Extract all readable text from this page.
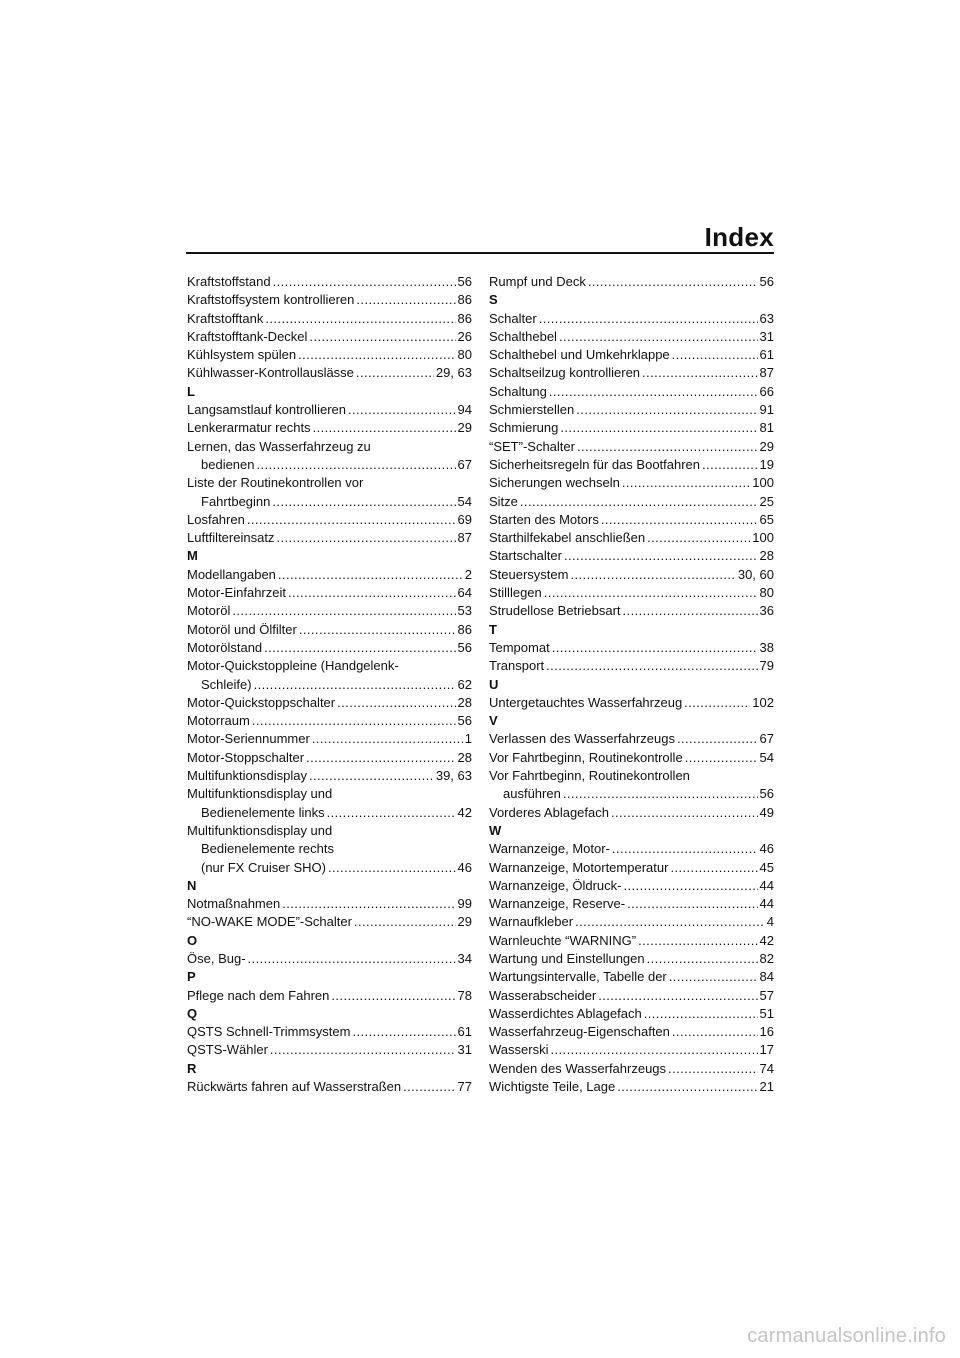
Index
Kraftstoffstand . . .	56
Kraftstoffsystem kontrollieren . . .	86
Kraftstofftank . . .	86
Kraftstofftank-Deckel . . .	26
Kühlsystem spülen . . .	80
Kühlwasser-Kontrollauslässe . . .	29, 63
L
Langsamstlauf kontrollieren . . .	94
Lenkerarmatur rechts . . .	29
Lernen, das Wasserfahrzeug zu
bedienen . . .	67
Liste der Routinekontrollen vor
Fahrtbeginn . . .	54
Losfahren . . .	69
Luftfiltereinsatz . . .	87
M
Modellangaben . . .	2
Motor-Einfahrzeit . . .	64
Motoröl . . .	53
Motoröl und Ölfilter . . .	86
Motorölstand . . .	56
Motor-Quickstoppleine (Handgelenk-
Schleife) . . .	62
Motor-Quickstoppschalter . . .	28
Motorraum . . .	56
Motor-Seriennummer . . .	1
Motor-Stoppschalter . . .	28
Multifunktionsdisplay . . .	39, 63
Multifunktionsdisplay und
Bedienelemente links . . .	42
Multifunktionsdisplay und
Bedienelemente rechts
(nur FX Cruiser SHO) . . .	46
N
Notmaßnahmen . . .	99
“NO-WAKE MODE”-Schalter . . .	29
O
Öse, Bug- . . .	34
P
Pflege nach dem Fahren . . .	78
Q
QSTS Schnell-Trimmsystem . . .	61
QSTS-Wähler . . .	31
R
Rückwärts fahren auf Wasserstraßen . . .	77
Rumpf und Deck . . .	56
S
Schalter . . .	63
Schalthebel . . .	31
Schalthebel und Umkehrklappe . . .	61
Schaltseilzug kontrollieren . . .	87
Schaltung . . .	66
Schmierstellen . . .	91
Schmierung . . .	81
“SET”-Schalter . . .	29
Sicherheitsregeln für das Bootfahren . . .	19
Sicherungen wechseln . . .	100
Sitze . . .	25
Starten des Motors . . .	65
Starthilfekabel anschließen . . .	100
Startschalter . . .	28
Steuersystem . . .	30, 60
Stilllegen . . .	80
Strudellose Betriebsart . . .	36
T
Tempomat . . .	38
Transport . . .	79
U
Untergetauchtes Wasserfahrzeug . . .	102
V
Verlassen des Wasserfahrzeugs . . .	67
Vor Fahrtbeginn, Routinekontrolle . . .	54
Vor Fahrtbeginn, Routinekontrollen
ausführen . . .	56
Vorderes Ablagefach . . .	49
W
Warnanzeige, Motor- . . .	46
Warnanzeige, Motortemperatur . . .	45
Warnanzeige, Öldruck- . . .	44
Warnanzeige, Reserve- . . .	44
Warnaufkleber . . .	4
Warnleuchte “WARNING” . . .	42
Wartung und Einstellungen . . .	82
Wartungsintervalle, Tabelle der . . .	84
Wasserabscheider . . .	57
Wasserdichtes Ablagefach . . .	51
Wasserfahrzeug-Eigenschaften . . .	16
Wasserski . . .	17
Wenden des Wasserfahrzeugs . . .	74
Wichtigste Teile, Lage . . .	21
carmanualsonline.info
